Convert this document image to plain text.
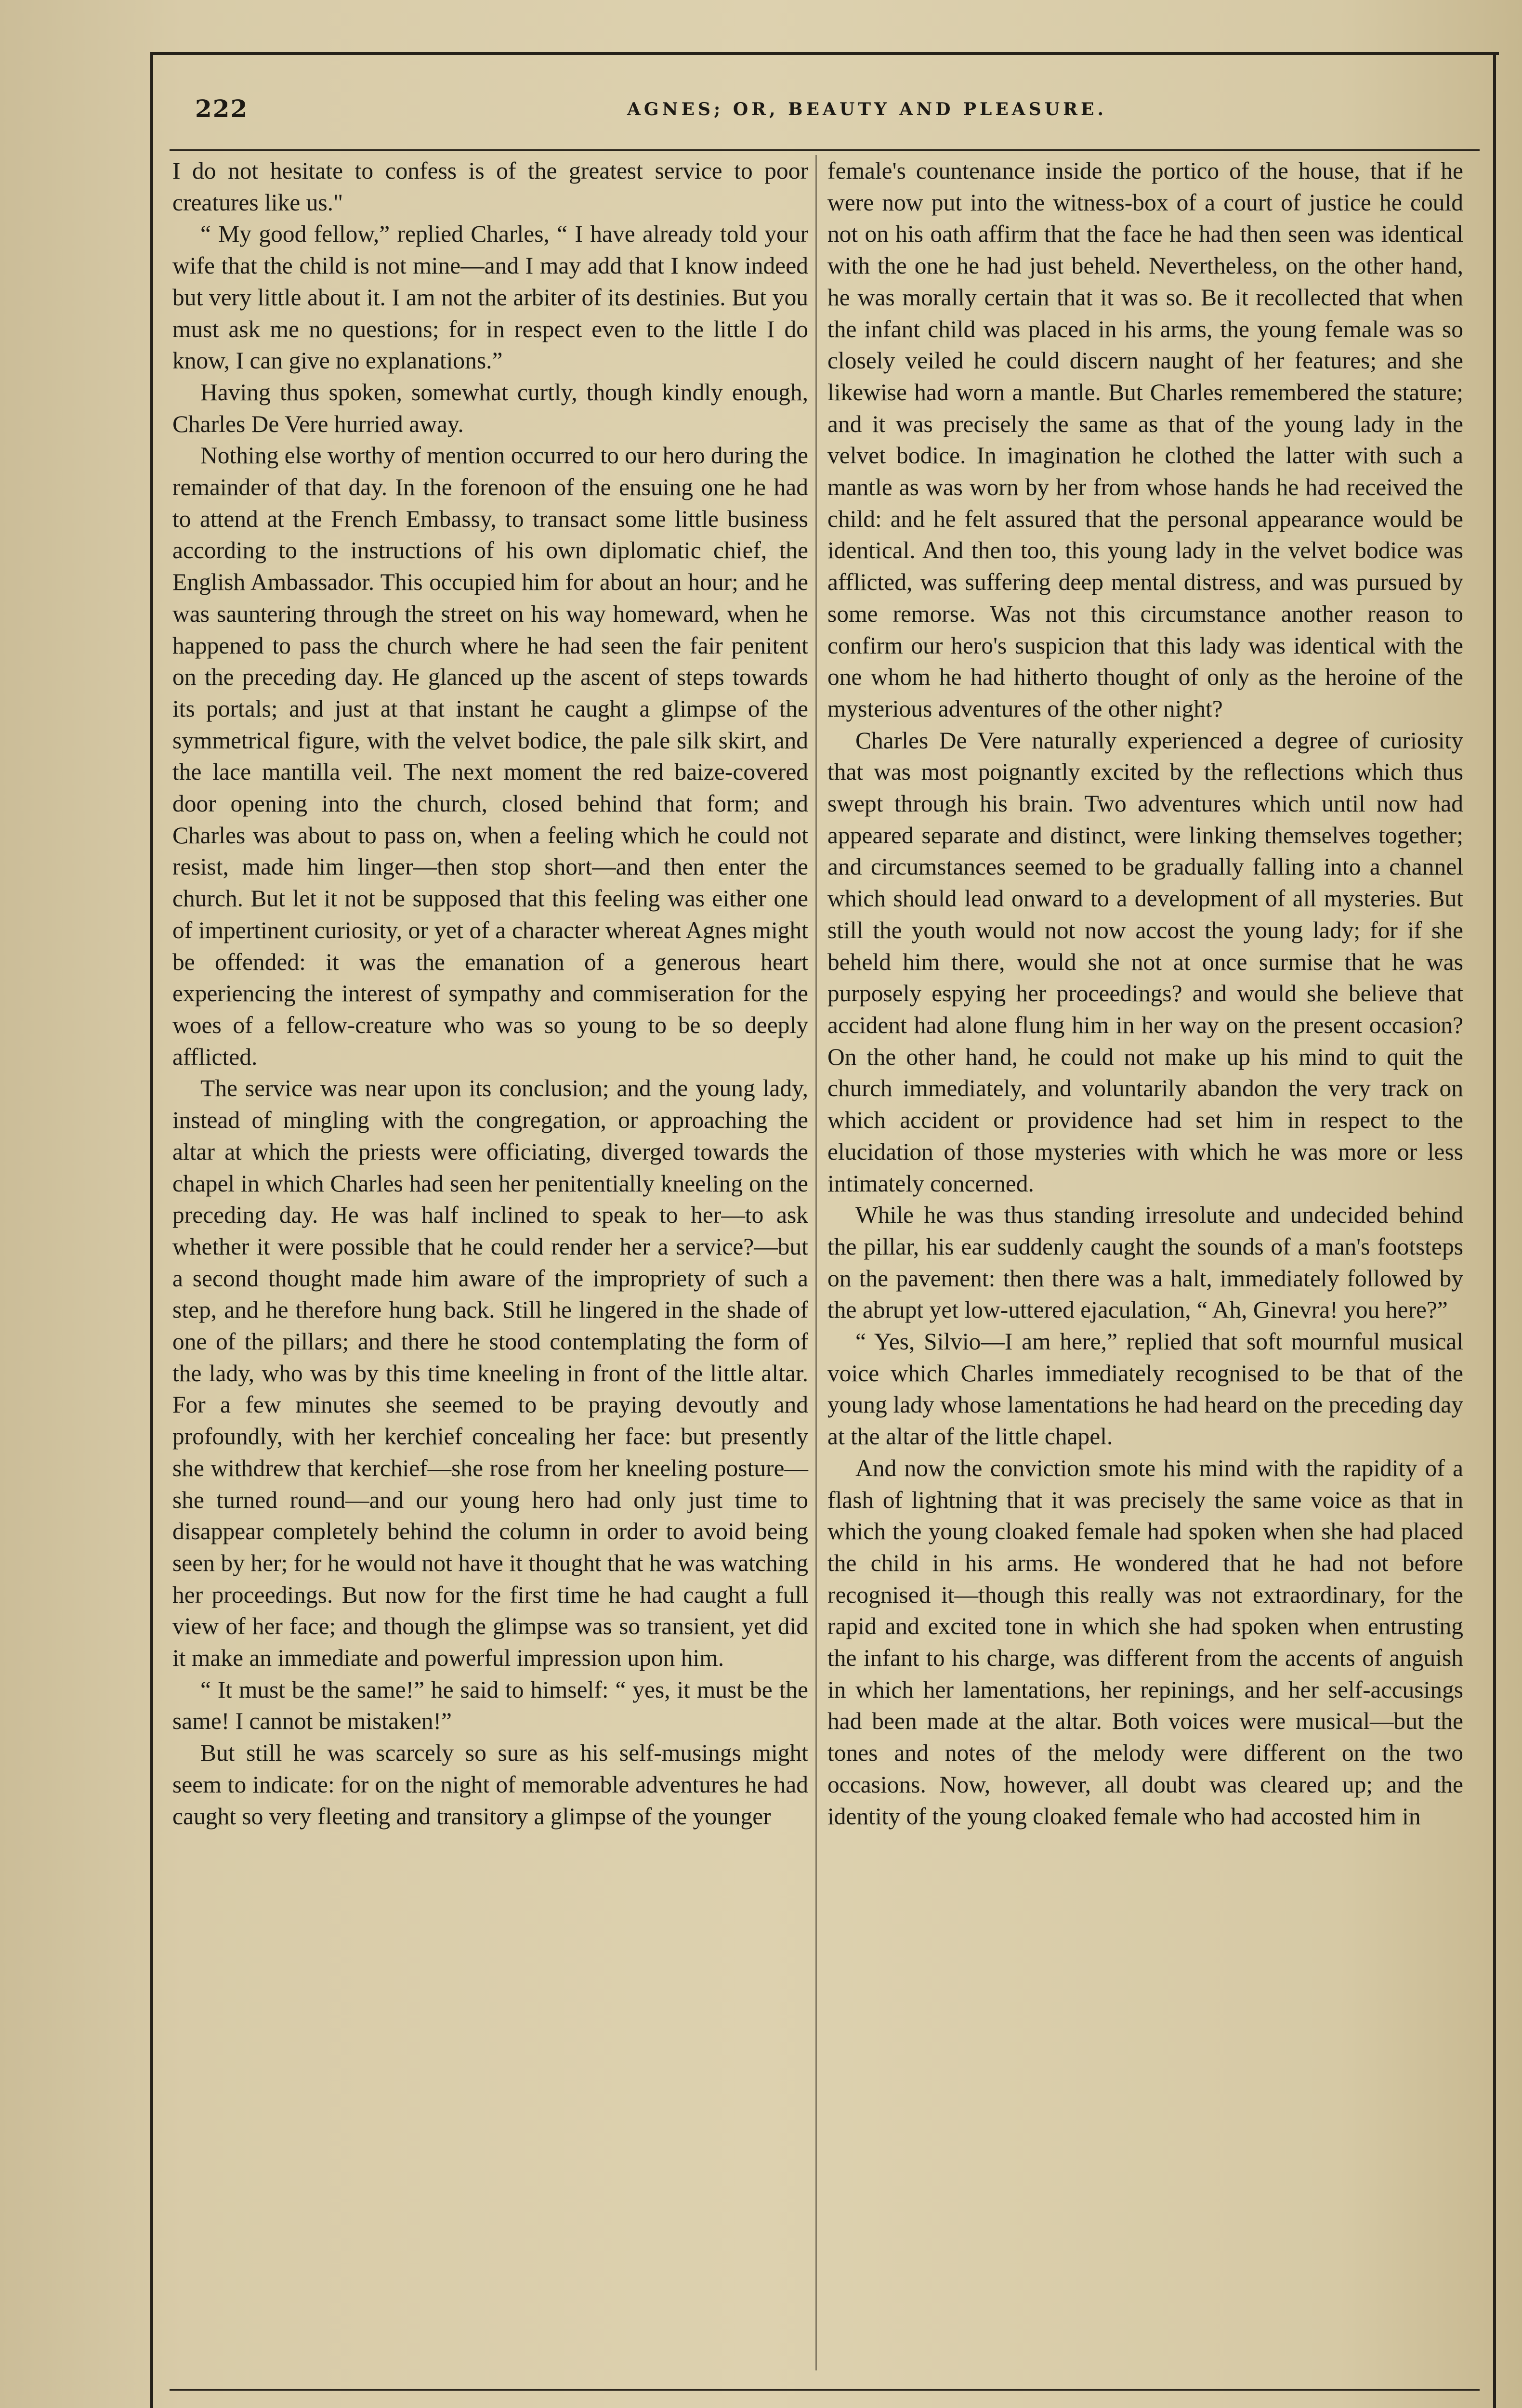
222	AGNES; OR, BEAUTY AND PLEASURE.

I do not hesitate to confess is of the greatest service to poor creatures like us."

“ My good fellow,” replied Charles, “ I have already told your wife that the child is not mine—and I may add that I know indeed but very little about it. I am not the arbiter of its destinies. But you must ask me no questions; for in respect even to the little I do know, I can give no explanations.”

Having thus spoken, somewhat curtly, though kindly enough, Charles De Vere hurried away.

Nothing else worthy of mention occurred to our hero during the remainder of that day. In the forenoon of the ensuing one he had to attend at the French Embassy, to transact some little business according to the instructions of his own diplomatic chief, the English Ambassador. This occupied him for about an hour; and he was sauntering through the street on his way homeward, when he happened to pass the church where he had seen the fair penitent on the preceding day. He glanced up the ascent of steps towards its portals; and just at that instant he caught a glimpse of the symmetrical figure, with the velvet bodice, the pale silk skirt, and the lace mantilla veil. The next moment the red baize-covered door opening into the church, closed behind that form; and Charles was about to pass on, when a feeling which he could not resist, made him linger—then stop short—and then enter the church. But let it not be supposed that this feeling was either one of impertinent curiosity, or yet of a character whereat Agnes might be offended: it was the emanation of a generous heart experiencing the interest of sympathy and commiseration for the woes of a fellow-creature who was so young to be so deeply afflicted.

The service was near upon its conclusion; and the young lady, instead of mingling with the congregation, or approaching the altar at which the priests were officiating, diverged towards the chapel in which Charles had seen her penitentially kneeling on the preceding day. He was half inclined to speak to her—to ask whether it were possible that he could render her a service?—but a second thought made him aware of the impropriety of such a step, and he therefore hung back. Still he lingered in the shade of one of the pillars; and there he stood contemplating the form of the lady, who was by this time kneeling in front of the little altar. For a few minutes she seemed to be praying devoutly and profoundly, with her kerchief concealing her face: but presently she withdrew that kerchief—she rose from her kneeling posture—she turned round—and our young hero had only just time to disappear completely behind the column in order to avoid being seen by her; for he would not have it thought that he was watching her proceedings. But now for the first time he had caught a full view of her face; and though the glimpse was so transient, yet did it make an immediate and powerful impression upon him.

“ It must be the same!” he said to himself: “ yes, it must be the same! I cannot be mistaken!”

But still he was scarcely so sure as his self-musings might seem to indicate: for on the night of memorable adventures he had caught so very fleeting and transitory a glimpse of the younger

female's countenance inside the portico of the house, that if he were now put into the witness-box of a court of justice he could not on his oath affirm that the face he had then seen was identical with the one he had just beheld. Nevertheless, on the other hand, he was morally certain that it was so. Be it recollected that when the infant child was placed in his arms, the young female was so closely veiled he could discern naught of her features; and she likewise had worn a mantle. But Charles remembered the stature; and it was precisely the same as that of the young lady in the velvet bodice. In imagination he clothed the latter with such a mantle as was worn by her from whose hands he had received the child: and he felt assured that the personal appearance would be identical. And then too, this young lady in the velvet bodice was afflicted, was suffering deep mental distress, and was pursued by some remorse. Was not this circumstance another reason to confirm our hero's suspicion that this lady was identical with the one whom he had hitherto thought of only as the heroine of the mysterious adventures of the other night?

Charles De Vere naturally experienced a degree of curiosity that was most poignantly excited by the reflections which thus swept through his brain. Two adventures which until now had appeared separate and distinct, were linking themselves together; and circumstances seemed to be gradually falling into a channel which should lead onward to a development of all mysteries. But still the youth would not now accost the young lady; for if she beheld him there, would she not at once surmise that he was purposely espying her proceedings? and would she believe that accident had alone flung him in her way on the present occasion? On the other hand, he could not make up his mind to quit the church immediately, and voluntarily abandon the very track on which accident or providence had set him in respect to the elucidation of those mysteries with which he was more or less intimately concerned.

While he was thus standing irresolute and undecided behind the pillar, his ear suddenly caught the sounds of a man's footsteps on the pavement: then there was a halt, immediately followed by the abrupt yet low-uttered ejaculation, “ Ah, Ginevra! you here?”

“ Yes, Silvio—I am here,” replied that soft mournful musical voice which Charles immediately recognised to be that of the young lady whose lamentations he had heard on the preceding day at the altar of the little chapel.

And now the conviction smote his mind with the rapidity of a flash of lightning that it was precisely the same voice as that in which the young cloaked female had spoken when she had placed the child in his arms. He wondered that he had not before recognised it—though this really was not extraordinary, for the rapid and excited tone in which she had spoken when entrusting the infant to his charge, was different from the accents of anguish in which her lamentations, her repinings, and her self-accusings had been made at the altar. Both voices were musical—but the tones and notes of the melody were different on the two occasions. Now, however, all doubt was cleared up; and the identity of the young cloaked female who had accosted him in
